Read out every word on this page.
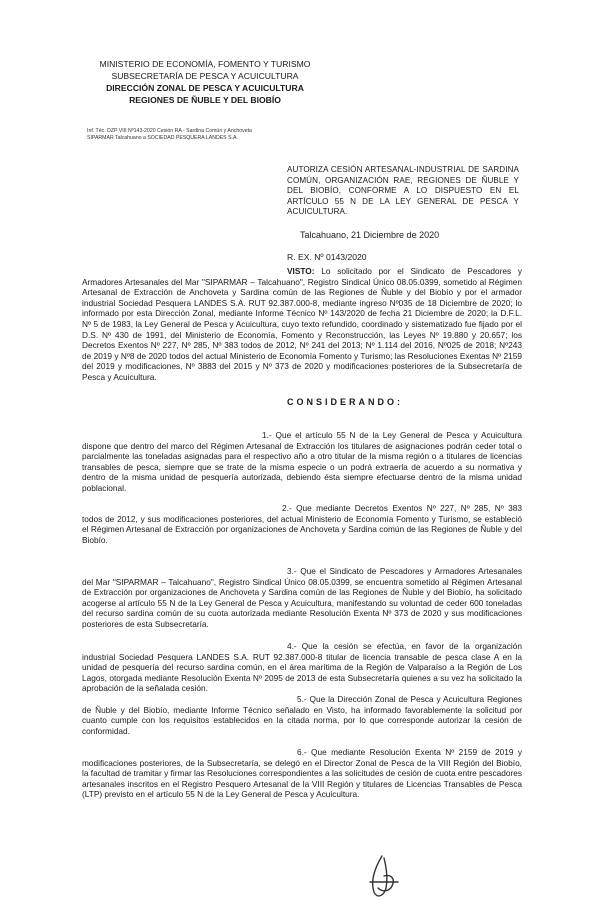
MINISTERIO DE ECONOMÍA, FOMENTO Y TURISMO
SUBSECRETARÍA DE PESCA Y ACUICULTURA
DIRECCIÓN ZONAL DE PESCA Y ACUICULTURA
REGIONES DE ÑUBLE Y DEL BIOBÍO
Inf. Téc. DZP VIII Nº143-2020 Cesión RA - Sardina Común y Anchoveta
SIPARMAR Talcahuano a SOCIEDAD PESQUERA LANDES S.A.
AUTORIZA CESIÓN ARTESANAL-INDUSTRIAL DE SARDINA COMÚN, ORGANIZACIÓN RAE, REGIONES DE ÑUBLE Y DEL BIOBÍO, CONFORME A LO DISPUESTO EN EL ARTÍCULO 55 N DE LA LEY GENERAL DE PESCA Y ACUICULTURA.
Talcahuano, 21 Diciembre de 2020
R. EX. Nº 0143/2020
VISTO: Lo solicitado por el Sindicato de Pescadores y Armadores Artesanales del Mar "SIPARMAR – Talcahuano", Registro Sindical Único 08.05.0399, sometido al Régimen Artesanal de Extracción de Anchoveta y Sardina común de las Regiones de Ñuble y del Biobío y por el armador industrial Sociedad Pesquera LANDES S.A. RUT 92.387.000-8, mediante ingreso Nº035 de 18 Diciembre de 2020; lo informado por esta Dirección Zonal, mediante Informe Técnico Nº 143/2020 de fecha 21 Diciembre de 2020; la D.F.L. Nº 5 de 1983, la Ley General de Pesca y Acuicultura, cuyo texto refundido, coordinado y sistematizado fue fijado por el D.S. Nº 430 de 1991, del Ministerio de Economía, Fomento y Reconstrucción, las Leyes Nº 19.880 y 20.657; los Decretos Exentos Nº 227, Nº 285, Nº 383 todos de 2012, Nº 241 del 2013; Nº 1.114 del 2016, Nº025 de 2018; Nº243 de 2019 y Nº8 de 2020 todos del actual Ministerio de Economía Fomento y Turismo; las Resoluciones Exentas Nº 2159 del 2019 y modificaciones, Nº 3883 del 2015 y Nº 373 de 2020 y modificaciones posteriores de la Subsecretaría de Pesca y Acuicultura.
CONSIDERANDO:
1.- Que el artículo 55 N de la Ley General de Pesca y Acuicultura dispone que dentro del marco del Régimen Artesanal de Extracción los titulares de asignaciones podrán ceder total o parcialmente las toneladas asignadas para el respectivo año a otro titular de la misma región o a titulares de licencias transables de pesca, siempre que se trate de la misma especie o un podrá extraerla de acuerdo a su normativa y dentro de la misma unidad de pesquería autorizada, debiendo ésta siempre efectuarse dentro de la misma unidad poblacional.
2.- Que mediante Decretos Exentos Nº 227, Nº 285, Nº 383 todos de 2012, y sus modificaciones posteriores, del actual Ministerio de Economía Fomento y Turismo, se estableció el Régimen Artesanal de Extracción por organizaciones de Anchoveta y Sardina común de las Regiones de Ñuble y del Biobío.
3.- Que el Sindicato de Pescadores y Armadores Artesanales del Mar "SIPARMAR – Talcahuano", Registro Sindical Único 08.05.0399, se encuentra sometido al Régimen Artesanal de Extracción por organizaciones de Anchoveta y Sardina común de las Regiones de Ñuble y del Biobío, ha solicitado acogerse al artículo 55 N de la Ley General de Pesca y Acuicultura, manifestando su voluntad de ceder 600 toneladas del recurso sardina común de su cuota autorizada mediante Resolución Exenta Nº 373 de 2020 y sus modificaciones posteriores de esta Subsecretaría.
4.- Que la cesión se efectúa, en favor de la organización industrial Sociedad Pesquera LANDES S.A. RUT 92.387.000-8 titular de licencia transable de pesca clase A en la unidad de pesquería del recurso sardina común, en el área marítima de la Región de Valparaíso a la Región de Los Lagos, otorgada mediante Resolución Exenta Nº 2095 de 2013 de esta Subsecretaría quienes a su vez ha solicitado la aprobación de la señalada cesión.
5.- Que la Dirección Zonal de Pesca y Acuicultura Regiones de Ñuble y del Biobío, mediante Informe Técnico señalado en Visto, ha informado favorablemente la solicitud por cuanto cumple con los requisitos establecidos en la citada norma, por lo que corresponde autorizar la cesión de conformidad.
6.- Que mediante Resolución Exenta Nº 2159 de 2019 y modificaciones posteriores, de la Subsecretaría, se delegó en el Director Zonal de Pesca de la VIII Región del Biobío, la facultad de tramitar y firmar las Resoluciones correspondientes a las solicitudes de cesión de cuota entre pescadores artesanales inscritos en el Registro Pesquero Artesanal de la VIII Región y titulares de Licencias Transables de Pesca (LTP) previsto en el artículo 55 N de la Ley General de Pesca y Acuicultura.
